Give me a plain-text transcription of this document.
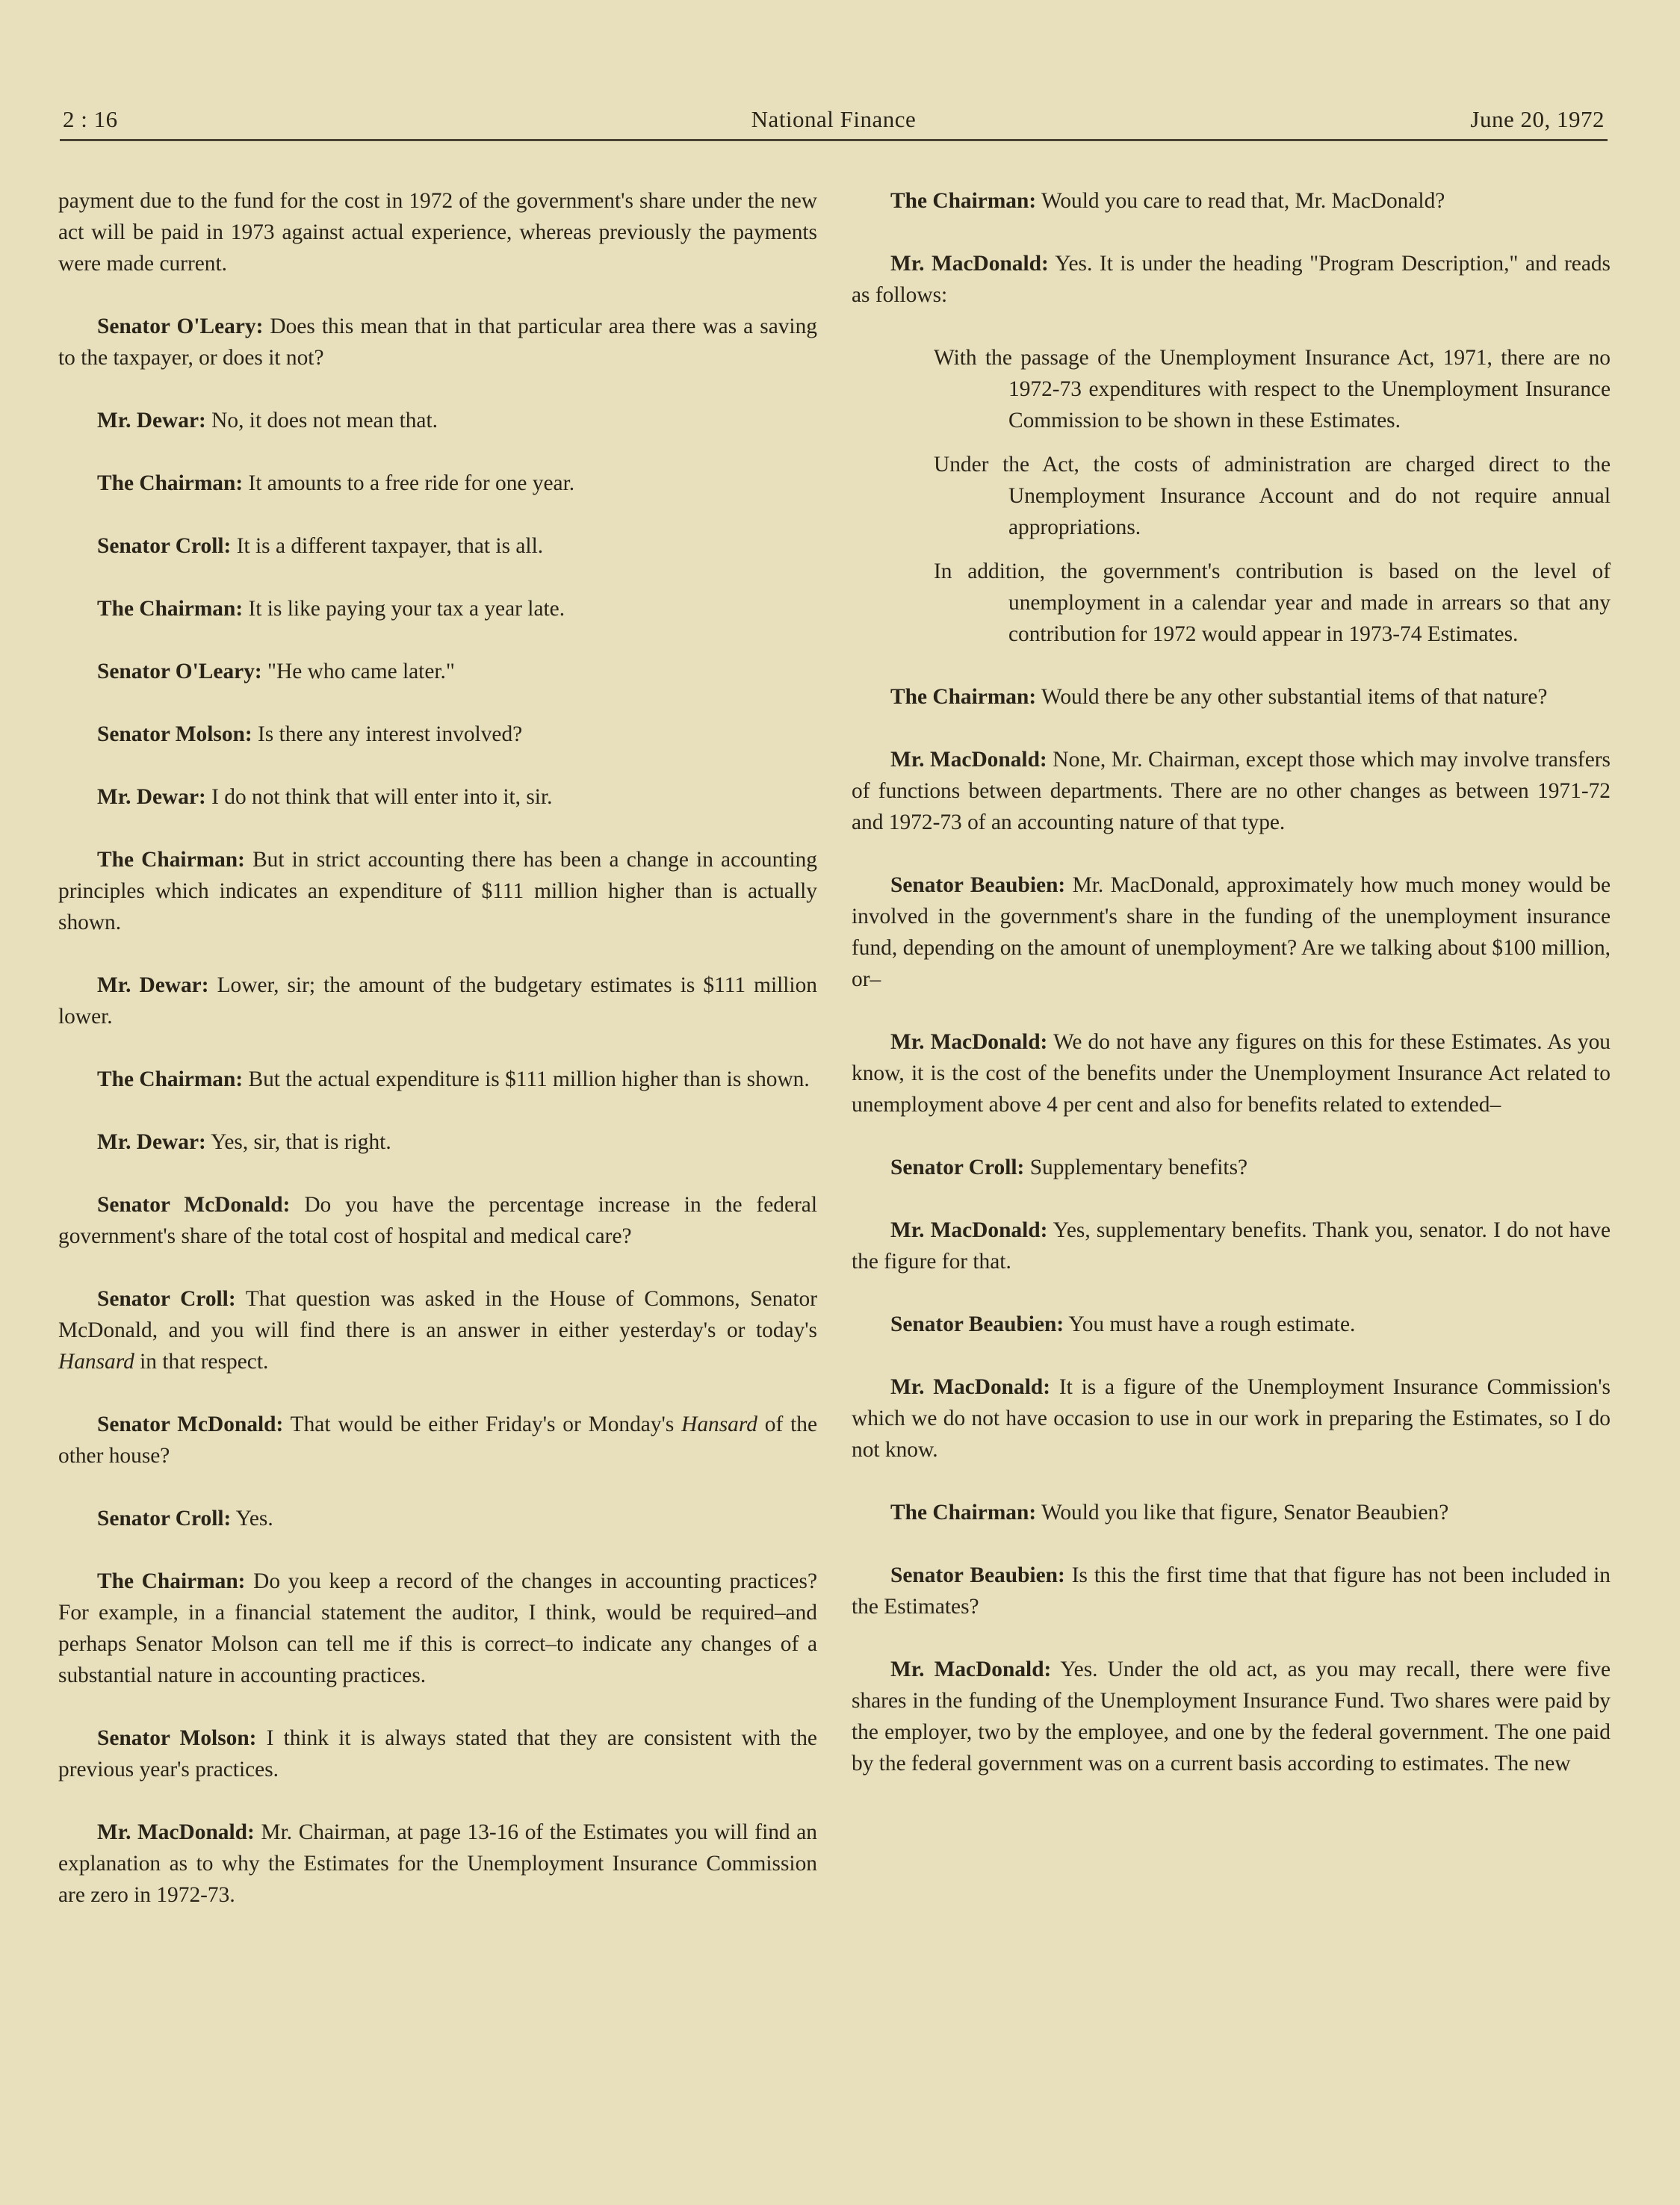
2 : 16	National Finance	June 20, 1972

payment due to the fund for the cost in 1972 of the government's share under the new act will be paid in 1973 against actual experience, whereas previously the payments were made current.

Senator O'Leary: Does this mean that in that particular area there was a saving to the taxpayer, or does it not?

Mr. Dewar: No, it does not mean that.

The Chairman: It amounts to a free ride for one year.

Senator Croll: It is a different taxpayer, that is all.

The Chairman: It is like paying your tax a year late.

Senator O'Leary: "He who came later."

Senator Molson: Is there any interest involved?

Mr. Dewar: I do not think that will enter into it, sir.

The Chairman: But in strict accounting there has been a change in accounting principles which indicates an expenditure of $111 million higher than is actually shown.

Mr. Dewar: Lower, sir; the amount of the budgetary estimates is $111 million lower.

The Chairman: But the actual expenditure is $111 million higher than is shown.

Mr. Dewar: Yes, sir, that is right.

Senator McDonald: Do you have the percentage increase in the federal government's share of the total cost of hospital and medical care?

Senator Croll: That question was asked in the House of Commons, Senator McDonald, and you will find there is an answer in either yesterday's or today's Hansard in that respect.

Senator McDonald: That would be either Friday's or Monday's Hansard of the other house?

Senator Croll: Yes.

The Chairman: Do you keep a record of the changes in accounting practices? For example, in a financial statement the auditor, I think, would be required–and perhaps Senator Molson can tell me if this is correct–to indicate any changes of a substantial nature in accounting practices.

Senator Molson: I think it is always stated that they are consistent with the previous year's practices.

Mr. MacDonald: Mr. Chairman, at page 13-16 of the Estimates you will find an explanation as to why the Estimates for the Unemployment Insurance Commission are zero in 1972-73.

The Chairman: Would you care to read that, Mr. MacDonald?

Mr. MacDonald: Yes. It is under the heading "Program Description," and reads as follows:

With the passage of the Unemployment Insurance Act, 1971, there are no 1972-73 expenditures with respect to the Unemployment Insurance Commission to be shown in these Estimates.

Under the Act, the costs of administration are charged direct to the Unemployment Insurance Account and do not require annual appropriations.

In addition, the government's contribution is based on the level of unemployment in a calendar year and made in arrears so that any contribution for 1972 would appear in 1973-74 Estimates.

The Chairman: Would there be any other substantial items of that nature?

Mr. MacDonald: None, Mr. Chairman, except those which may involve transfers of functions between departments. There are no other changes as between 1971-72 and 1972-73 of an accounting nature of that type.

Senator Beaubien: Mr. MacDonald, approximately how much money would be involved in the government's share in the funding of the unemployment insurance fund, depending on the amount of unemployment? Are we talking about $100 million, or–

Mr. MacDonald: We do not have any figures on this for these Estimates. As you know, it is the cost of the benefits under the Unemployment Insurance Act related to unemployment above 4 per cent and also for benefits related to extended–

Senator Croll: Supplementary benefits?

Mr. MacDonald: Yes, supplementary benefits. Thank you, senator. I do not have the figure for that.

Senator Beaubien: You must have a rough estimate.

Mr. MacDonald: It is a figure of the Unemployment Insurance Commission's which we do not have occasion to use in our work in preparing the Estimates, so I do not know.

The Chairman: Would you like that figure, Senator Beaubien?

Senator Beaubien: Is this the first time that that figure has not been included in the Estimates?

Mr. MacDonald: Yes. Under the old act, as you may recall, there were five shares in the funding of the Unemployment Insurance Fund. Two shares were paid by the employer, two by the employee, and one by the federal government. The one paid by the federal government was on a current basis according to estimates. The new
